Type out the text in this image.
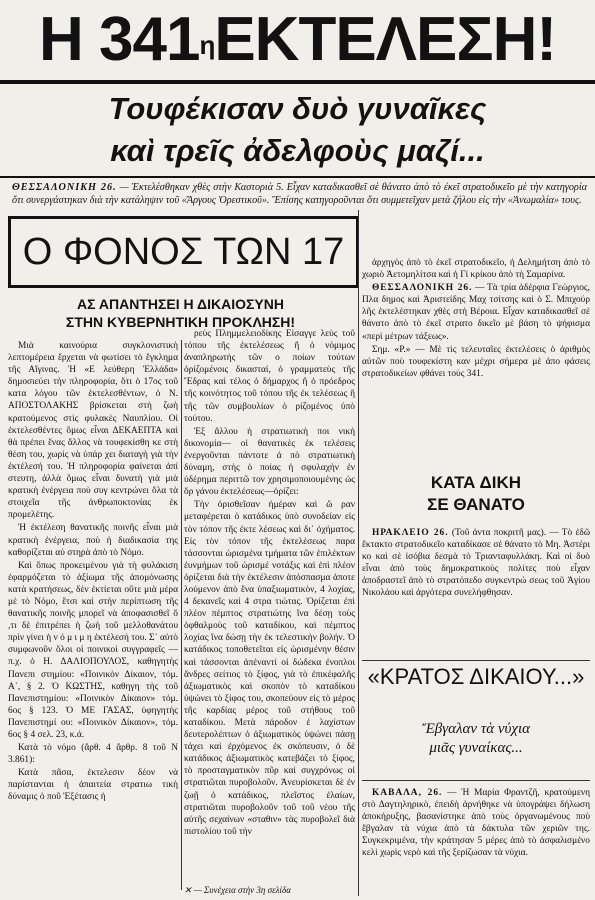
Η 341 η ΕΚΤΕΛΕΣΗ!
Τουφέκισαν δυὸ γυναῖκες
καὶ τρεῖς ἀδελφοὺς μαζί...
ΘΕΣΣΑΛΟΝΙΚΗ 26. — Ἐκτελέσθηκαν χθὲς στὴν Καστοριὰ 5. Εἶχαν καταδικασθεῖ σὲ θάνατο ἀπὸ τὸ ἐκεῖ στρατοδικεῖο μὲ τὴν κατηγορία ὅτι συνεργάστηκαν διὰ τὴν κατάληψιν τοῦ «Ἄργους Ὀρεστικοῦ». Ἔπίσης κατηγοροῦνται ὅτι συμμετεῖχαν μετὰ ζήλου εἰς τὴν «Ἀνωμαλία» τους.
Ο ΦΟΝΟΣ ΤΩΝ 17
ΑΣ ΑΠΑΝΤΗΣΕΙ Η ΔΙΚΑΙΟΣΥΝΗ
ΣΤΗΝ ΚΥΒΕΡΝΗΤΙΚΗ ΠΡΟΚΛΗΣΗ!

Μιὰ καινούρια συγκλονιστικὴ λεπτομέρεια ἔρχεται νὰ φωτίσει τὸ ἔγκλημα τῆς Αἴγινας. Ἡ «Ε λεύθερη Ἑλλάδα» δημοσιεύει τὴν πληροφορία, ὅτι ὁ 17ος τοῦ κατα λόγου τῶν ἐκτελεσθέντων, ὁ Ν. ΑΠΟΣΤΟΛΑΚΗΣ βρίσκεται στὴ ζωὴ κρατούμενος στὶς φυλακὲς Ναυπλίου. Οἱ ἐκτελεσθέντες ὅμως εἶναι ΔΕΚΑΕΠΤΑ καὶ θὰ πρέπει ἕνας ἄλλος νὰ τουφεκίσθη κε στὴ θέση του, χωρὶς νὰ ὑπάρ χει διαταγὴ γιὰ τὴν ἐκτέλεσή του. Ἡ πληροφορία φαίνεται ἀπί στευτη, ἀλλὰ ὅμως εἶναι δυνατὴ γιὰ μιὰ κρατικὴ ἐνέργεια ποὺ συγ κεντρώνει ὅλα τὰ στοιχεῖα τῆς ἀνθρωποκτονίας ἐκ προμελέτης.

Ἡ ἐκτέλεση θανατικῆς ποινῆς εἶναι μιὰ κρατικὴ ἐνέργεια, ποὺ ἡ διαδικασία της καθορίζεται αὐ στηρὰ ἀπὸ τὸ Νόμο.

Καὶ ὅπως προκειμένου γιὰ τὴ φυλάκιση ἐφαρμόζεται τὸ ἀξίωμα τῆς ἀπομόνωσης κατὰ κρατήσεως, δὲν ἐκτίεται οὔτε μιὰ μέρα μὲ τὸ Νόμο, ἔτσι καὶ στὴν περίπτωση τῆς θανατικῆς ποινῆς μπορεῖ νὰ ἀποφασισθεῖ ὅ ,τι δὲ ἐπιτρέπει ἡ ζωὴ τοῦ μελλοθανάτου πρὶν γίνει ἡ ν ό μ ι μ η ἐκτέλεσή του. Σ᾽ αὐτὸ συμφωνοῦν ὅλοι οἱ ποινικοὶ συγγραφεῖς —π.χ. ὁ Η. ΔΑΛΙΟΠΟΥΛΟΣ, καθηγητὴς Πανεπι στημίου: «Ποινικὸν Δίκαιον, τόμ. Α᾽, § 2. Ὁ ΚΩΣΤΗΣ, καθηγη τὴς τοῦ Πανεπιστημίου: «Ποινικὸν Δίκαιον» τόμ. 6ος § 123. Ὁ ΜΕ ΓΑΣΑΣ, ὑφηγητὴς Πανεπιστημί ου: «Ποινικὸν Δίκαιον», τόμ. 6ος § 4 σελ. 23, κ.ά.

Κατὰ τὸ νόμο (ἄρθ. 4 ἄρθρ. 8 τοῦ Ν 3.861):

Κατὰ πᾶσα, ἐκτελεσιν δέον νὰ παρίστανται ἡ ἀπαιτεία στρατιω τικὴ δύναμις ὁ ποῦ Ἐξέτασις ἡ

ρεὺς Πλημμελειοδίκης Εἰσαγγε λεὺς τοῦ τόπου τῆς ἐκτελέσεως ἢ ὁ νόμιμος ἀναπληρωτὴς τῶν ο ποίων τούτων ὁρίζομένοις δικασταί, ὁ γραμματεὺς τῆς Ἕδρας καὶ τέλος ὁ δήμαρχος ἢ ὁ πρόεδρος τῆς κοινότητος τοῦ τόπου τῆς ἐκ τελέσεως ἢ τῆς τῶν συμβουλίων ὁ ρίζομένος ὑπὸ τούτου.

Ἐξ ἄλλου ἡ στρατιωτικὴ ποι νικὴ δικονομία— οἱ θανατικὲς ἐκ τελέσεις ἐνεργοῦνται πάντοτε ἀ πὸ στρατιωτικὴ δύναμη, στὴς ὁ ποίας ἡ σφυλαχὴν ἐν ὑδέρημα περιττῶ τον χρησιμοποιουμένης ὡς ὄρ γάνου ἐκτελέσεως—ὁρίζει:

Τὴν ὁρισθεῖσαν ἡμέραν καὶ ὥ ραν μεταφέρεται ὁ κατάδικος ὑπὸ συνοδείαν εἰς τὸν τόπον τῆς ἐκτε λέσεως καὶ δι᾽ ὀχήματος. Εἰς τὸν τόπον τῆς ἐκτελέσεως παρα τάσσονται ὡρισμένα τμήματα τῶν ἐπιλέκτων ἐυνμήμων τοῦ ὡρισμέ νοτάξις καὶ ἐπὶ πλέον ὁρίζεται διὰ τὴν ἐκτέλεσιν ἀπόσπασμα ἀποτε λούμενον ἀπὸ ἕνα ὑπαξιωματικὸν, 4 λοχίας, 4 δεκανεῖς καὶ 4 στρα τιώτας. Ὀρίζεται ἐπὶ πλέον πέμπτος στρατιώτης ἵνα δέσῃ τοὺς ὀφθαλμοὺς τοῦ καταδίκου, καὶ πέμπτος λοχίας ἵνα δώσῃ τὴν ἐκ τελεστικὴν βολήν. Ὁ κατάδικος τοποθετεῖται εἰς ὡρισμένην θέσιν καὶ τάσσονται ἀπέναντί οἱ δώδεκα ἐνοπλοι ἄνδρες σείτιος τὸ ξίφος, γιὰ τὸ ἐπικέφαλῆς ἀξιωματικὸς καὶ σκοπὸν τὸ καταδίκου ὑψώνει τὸ ξίφος του, σκοπεύουν εἰς τὸ μέρος τῆς καρδίας μέρος τοῦ στήθους τοῦ καταδίκου. Μετὰ πάροδον ἐ λαχίστων δευτερολέπτων ὁ ἀξιωματικὸς ὑψώνει πάσῃ τάχει καὶ ἐρχόμενος ἐκ σκόπευσιν, ὁ δὲ κατάδικος ἀξιωματικὸς κατεβάζει τὸ ξίφος, τὸ προσταγματικὸν πῦρ καὶ συγχρόνως οἱ στρατιῶται πυροβολοῦν. Ἀνευρίσκεται δὲ ἐν ζωῇ ὁ κατάδικος, πλεῖστος ἐλαίων, στρατιῶται πυροβολοῦν τοῦ τοῦ νέου τῆς αὐτῆς σεχαίνων «σταθιν» τὰς πυροβολεῖ διὰ πιστολίου τοῦ τὴν

✕ — Συνέχεια στὴν 3η σελίδα

ἀρχηγὸς ἀπὸ τὸ ἐκεῖ στρατοδικεῖο, ἡ Δελημήτση ἀπὸ τὸ χωριὸ Ἀετομηλίτσα καὶ ἡ Γί κρίκου ἀπὸ τὴ Σαμαρίνα.

ΘΕΣΣΑΛΟΝΙΚΗ 26. — Τὰ τρία ἀδέρφια Γεώργιος, Πλα δημος καὶ Ἀριστείδης Μαχ τσίτσης καὶ ὁ Σ. Μπιχούρ λῆς ἐκτελέστηκαν χθὲς στὴ Βέροια. Εἶχαν καταδικασθεῖ σὲ θάνατο ἀπὸ τὸ ἐκεῖ στρατο δικεῖο μὲ βάση τὸ ψήφισμα «περὶ μέτρων τάξεως».

Σημ. «Ρ.» — Μὲ τὶς τελευταῖες ἐκτελέσεις ὁ ἀριθμὸς αὐτῶν ποὺ τουφεκίστη καν μέχρι σήμερα μὲ ἀπο φάσεις στρατοδικείων φθάνει τοὺς 341.

ΚΑΤΑ ΔΙΚΗ
ΣΕ ΘΑΝΑΤΟ

ΗΡΑΚΛΕΙΟ 26. (Τοῦ ἀντα ποκριτῆ μας). — Τὸ ἐδῶ ἔκτακτο στρατοδικεῖο καταδίκασε σὲ θάνατο τὸ Μη. Ἀστέρι κο καὶ σὲ ἰσόβια δεσμὰ τὸ Τριανταφυλλάκη. Καὶ οἱ δυὸ εἶναι ἀπὸ τοὺς δημοκρατικοὺς πολίτες ποὺ εἶχαν ἀποδραστεῖ ἀπὸ τὸ στρατόπεδο συγκεντρώ σεως τοῦ Ἁγίου Νικολάου καὶ ἀργότερα συνελήφθησαν.

«ΚΡΑΤΟΣ ΔΙΚΑΙΟΥ...»
Ἔβγαλαν τὰ νύχια
μιᾶς γυναίκας...

ΚΑΒΑΛΑ, 26. — Ἡ Μαρία Φραντζῆ, κρατούμενη στὸ Δαγτηληρικὸ, ἐπειδὴ ἀρνήθηκε νὰ ὑπογράψει δήλωση ἀποκήρυξης, βασανίστηκε ἀπὸ τοὺς ὀργανωμένους ποὺ ἔβγαλαν τὰ νύχια ἀπὸ τὰ δάκτυλα τῶν χεριῶν της. Συγκεκριμένα, τὴν κράτησαν 5 μέρες ἀπὸ τὸ ἀσφαλισμένο κελὶ χωρὶς νερὸ καὶ τῆς ξερίζωσαν τὰ νύχια.
